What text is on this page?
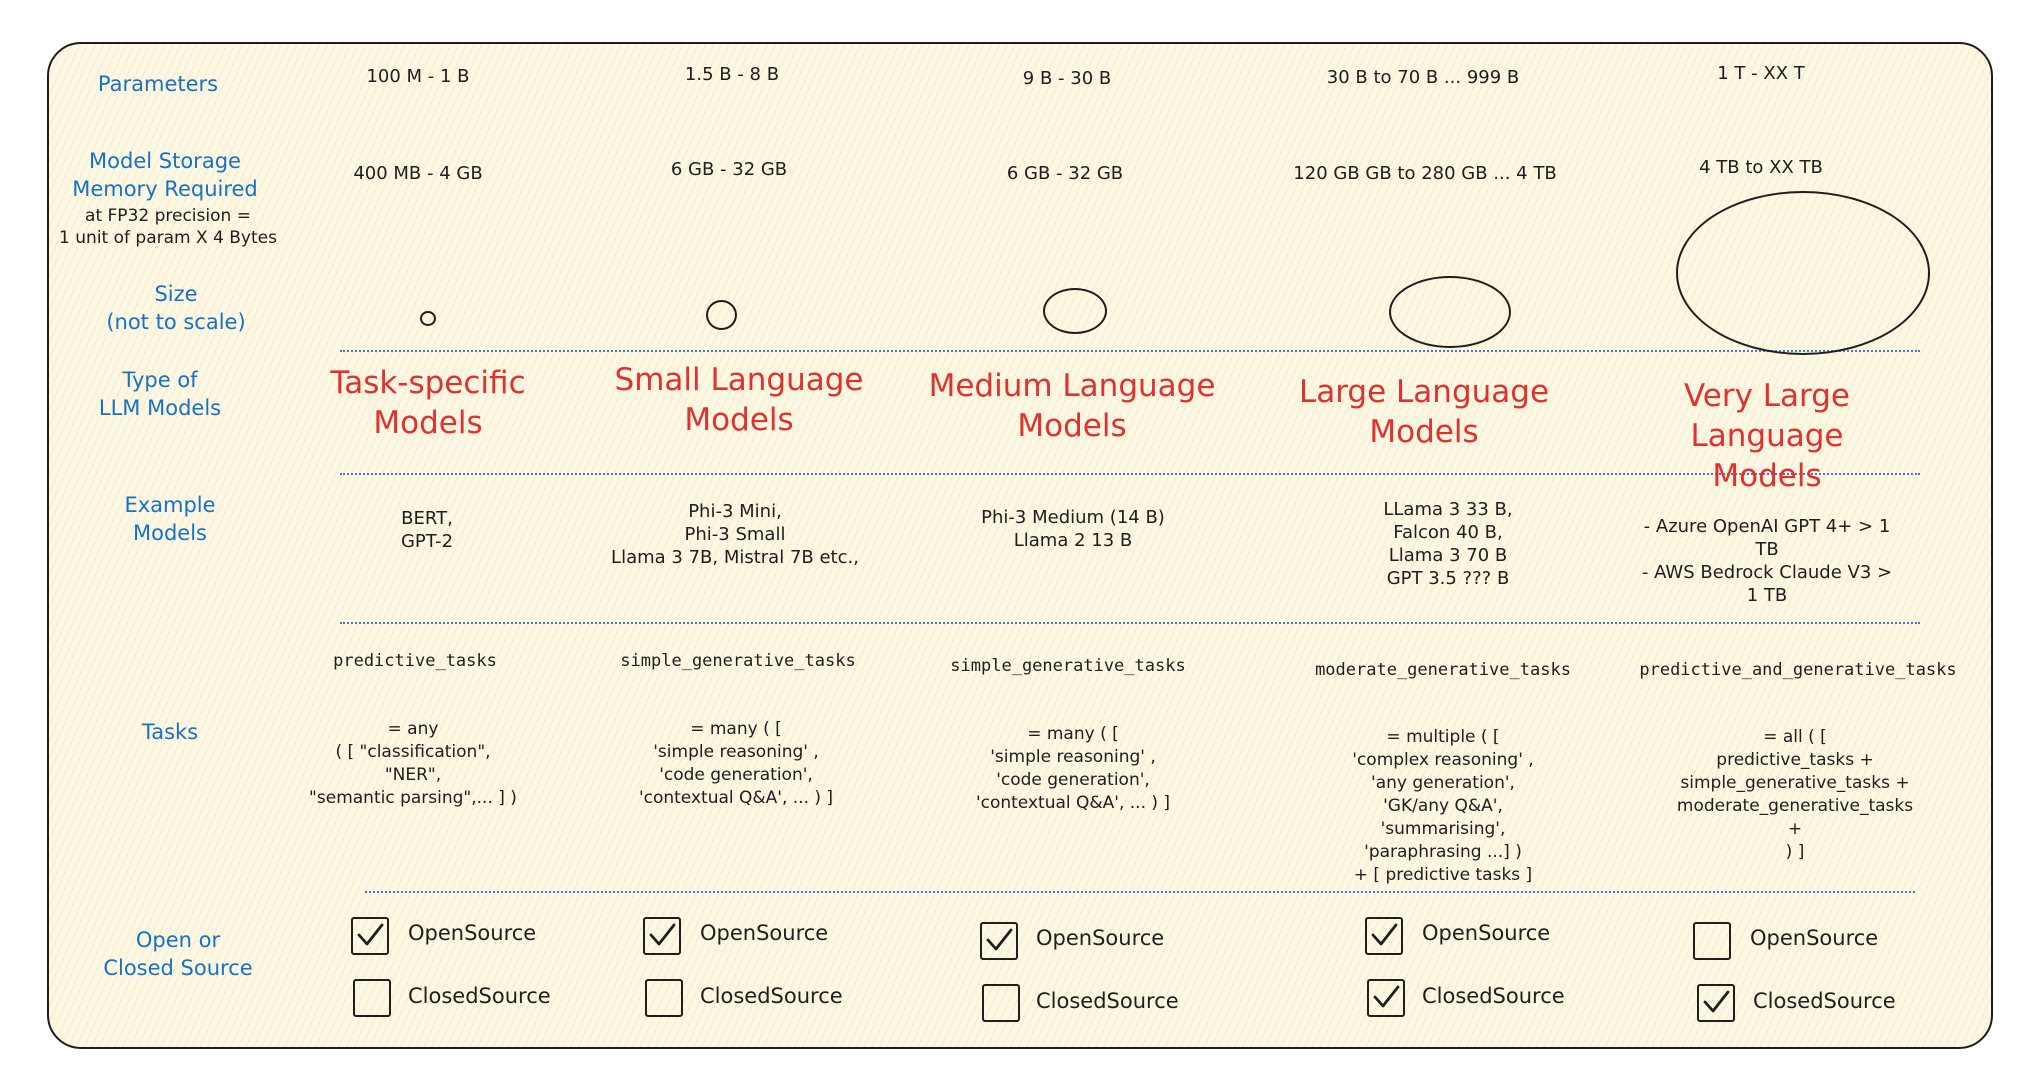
Parameters
Model Storage
Memory Required
at FP32 precision =
1 unit of param X 4 Bytes
Size
(not to scale)
Type of
LLM Models
Example
Models
Tasks
Open or
Closed Source
100 M - 1 B
400 MB - 4 GB
Task-specific
Models
BERT,
GPT-2
predictive_tasks
= any
( [ "classification",
"NER",
"semantic parsing",... ] )
1.5 B - 8 B
6 GB - 32 GB
Small Language
Models
Phi-3 Mini,
Phi-3 Small
Llama 3 7B, Mistral 7B etc.,
simple_generative_tasks
= many ( [
'simple reasoning' ,
'code generation',
'contextual Q&A', ... ) ]
9 B - 30 B
6 GB - 32 GB
Medium Language
Models
Phi-3 Medium (14 B)
Llama 2 13 B
simple_generative_tasks
= many ( [
'simple reasoning' ,
'code generation',
'contextual Q&A', ... ) ]
30 B to 70 B ... 999 B
120 GB GB to 280 GB ... 4 TB
Large Language
Models
LLama 3 33 B,
Falcon 40 B,
Llama 3 70 B
GPT 3.5 ??? B
moderate_generative_tasks
= multiple ( [
'complex reasoning' ,
'any generation',
'GK/any Q&A',
'summarising',
'paraphrasing ...] )
+ [ predictive tasks ]
1 T - XX T
4 TB to XX TB
Very Large Language
Models
- Azure OpenAI GPT 4+ > 1 TB
- AWS Bedrock Claude V3 > 1 TB
predictive_and_generative_tasks
= all ( [
predictive_tasks +
simple_generative_tasks +
moderate_generative_tasks +
) ]
OpenSource
ClosedSource
OpenSource
ClosedSource
OpenSource
ClosedSource
OpenSource
ClosedSource
OpenSource
ClosedSource
